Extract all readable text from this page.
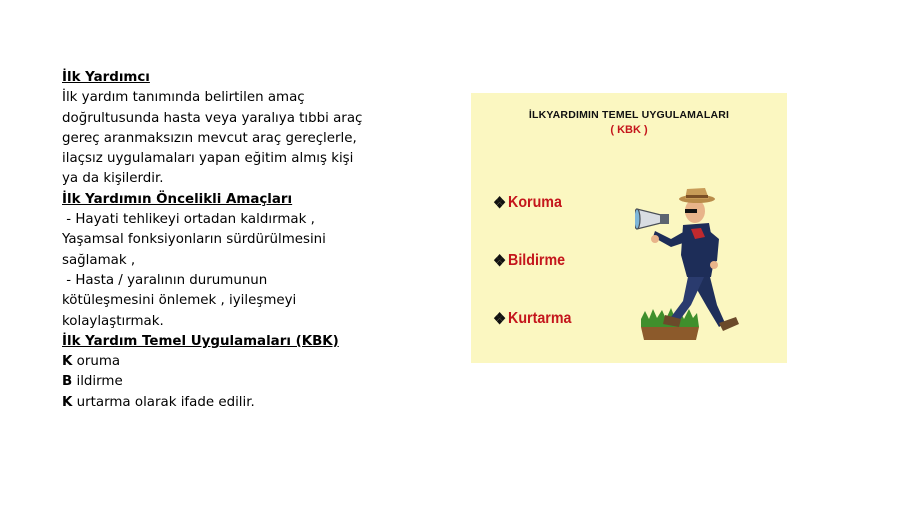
İlk Yardımcı
İlk yardım tanımında belirtilen amaç
doğrultusunda hasta veya yaralıya tıbbi araç
gereç aranmaksızın mevcut araç gereçlerle,
ilaçsız uygulamaları yapan eğitim almış kişi
ya da kişilerdir.
İlk Yardımın Öncelikli Amaçları
- Hayati tehlikeyi ortadan kaldırmak ,
Yaşamsal fonksiyonların sürdürülmesini
sağlamak ,
- Hasta / yaralının durumunun
kötüleşmesini önlemek , iyileşmeyi
kolaylaştırmak.
İlk Yardım Temel Uygulamaları (KBK)
K oruma
B ildirme
K urtarma olarak ifade edilir.
İLKYARDIMIN TEMEL UYGULAMALARI
( KBK )
❖ Koruma
❖ Bildirme
❖ Kurtarma
